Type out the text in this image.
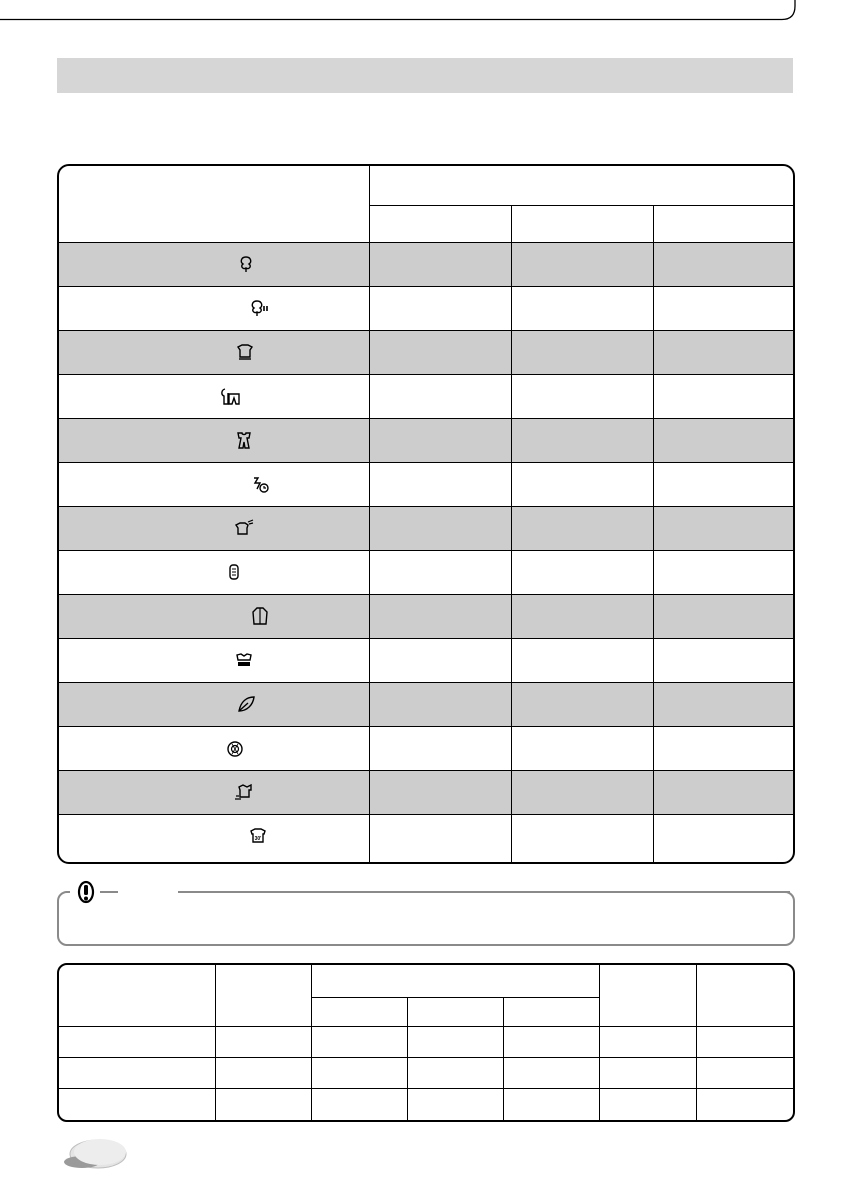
30'
